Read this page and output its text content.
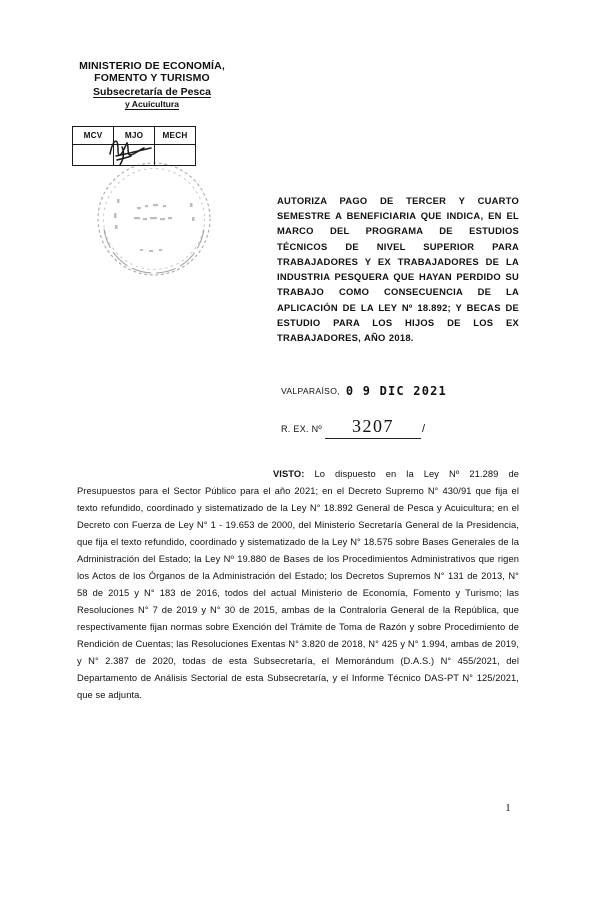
MINISTERIO DE ECONOMÍA,
FOMENTO Y TURISMO
Subsecretaría de Pesca
y Acuicultura
MCV	MJO	MECH

AUTORIZA PAGO DE TERCER Y CUARTO SEMESTRE A BENEFICIARIA QUE INDICA, EN EL MARCO DEL PROGRAMA DE ESTUDIOS TÉCNICOS DE NIVEL SUPERIOR PARA TRABAJADORES Y EX TRABAJADORES DE LA INDUSTRIA PESQUERA QUE HAYAN PERDIDO SU TRABAJO COMO CONSECUENCIA DE LA APLICACIÓN DE LA LEY Nº 18.892; Y BECAS DE ESTUDIO PARA LOS HIJOS DE LOS EX TRABAJADORES, AÑO 2018.
VALPARAÍSO, 0 9 DIC 2021
R. EX. Nº 3207	/
VISTO: Lo dispuesto en la Ley Nº 21.289 de Presupuestos para el Sector Público para el año 2021; en el Decreto Supremo N° 430/91 que fija el texto refundido, coordinado y sistematizado de la Ley N° 18.892 General de Pesca y Acuicultura; en el Decreto con Fuerza de Ley N° 1 - 19.653 de 2000, del Ministerio Secretaría General de la Presidencia, que fija el texto refundido, coordinado y sistematizado de la Ley N° 18.575 sobre Bases Generales de la Administración del Estado; la Ley Nº 19.880 de Bases de los Procedimientos Administrativos que rigen los Actos de los Órganos de la Administración del Estado; los Decretos Supremos N° 131 de 2013, N° 58 de 2015 y N° 183 de 2016, todos del actual Ministerio de Economía, Fomento y Turismo; las Resoluciones N° 7 de 2019 y N° 30 de 2015, ambas de la Contraloría General de la República, que respectivamente fijan normas sobre Exención del Trámite de Toma de Razón y sobre Procedimiento de Rendición de Cuentas; las Resoluciones Exentas N° 3.820 de 2018, N° 425 y N° 1.994, ambas de 2019, y N° 2.387 de 2020, todas de esta Subsecretaría, el Memorándum (D.A.S.) N° 455/2021, del Departamento de Análisis Sectorial de esta Subsecretaría, y el Informe Técnico DAS-PT N° 125/2021, que se adjunta.
1
